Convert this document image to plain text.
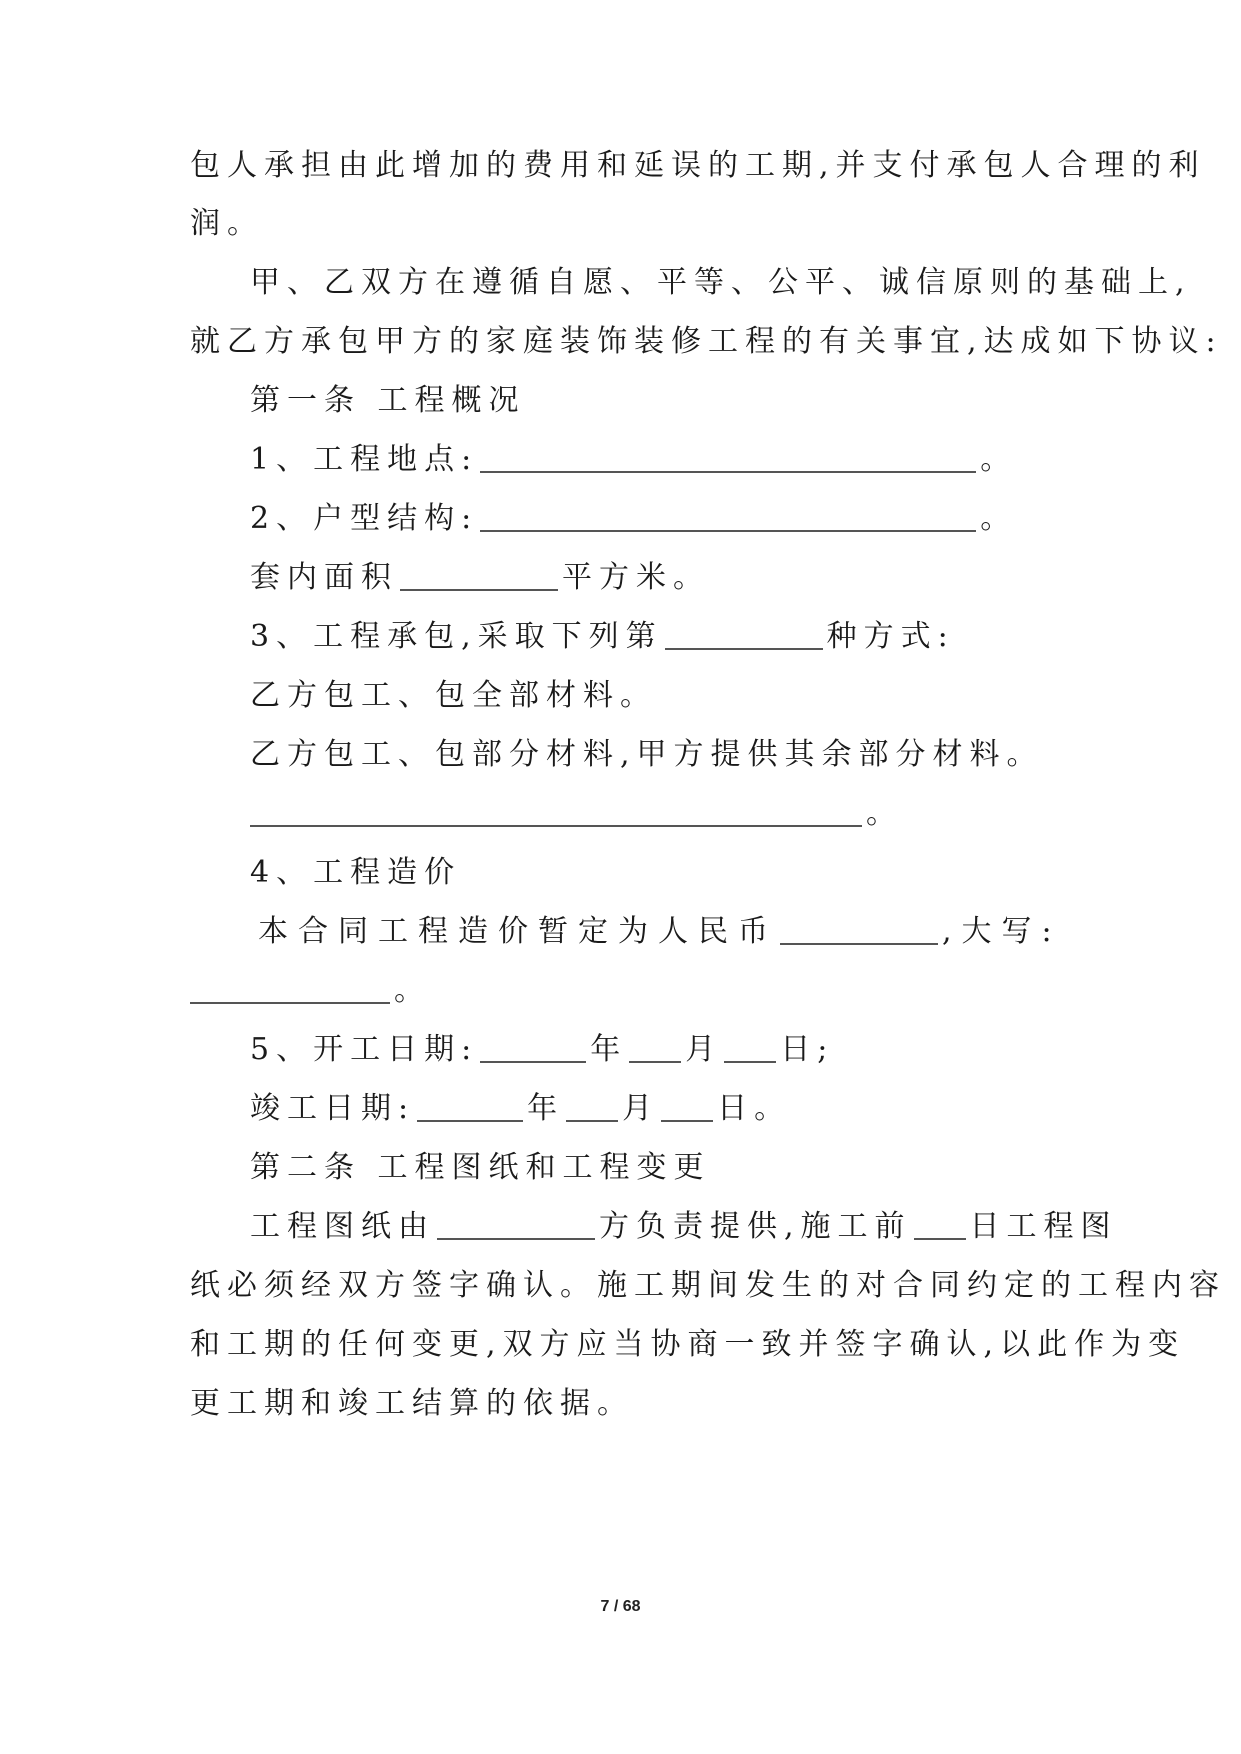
包人承担由此增加的费用和延误的工期,并支付承包人合理的利
润。
甲、乙双方在遵循自愿、平等、公平、诚信原则的基础上,
就乙方承包甲方的家庭装饰装修工程的有关事宜,达成如下协议:
第一条 工程概况
1、工程地点:	。
2、户型结构:	。
套内面积	平方米。
3、工程承包,采取下列第	种方式:
乙方包工、包全部材料。
乙方包工、包部分材料,甲方提供其余部分材料。
。
4、工程造价
本合同工程造价暂定为人民币	,大写:
。
5、开工日期:	年 月 日;
竣工日期:	年 月 日。
第二条 工程图纸和工程变更
工程图纸由	方负责提供,施工前 日工程图
纸必须经双方签字确认。施工期间发生的对合同约定的工程内容
和工期的任何变更,双方应当协商一致并签字确认,以此作为变
更工期和竣工结算的依据。
7 / 68
